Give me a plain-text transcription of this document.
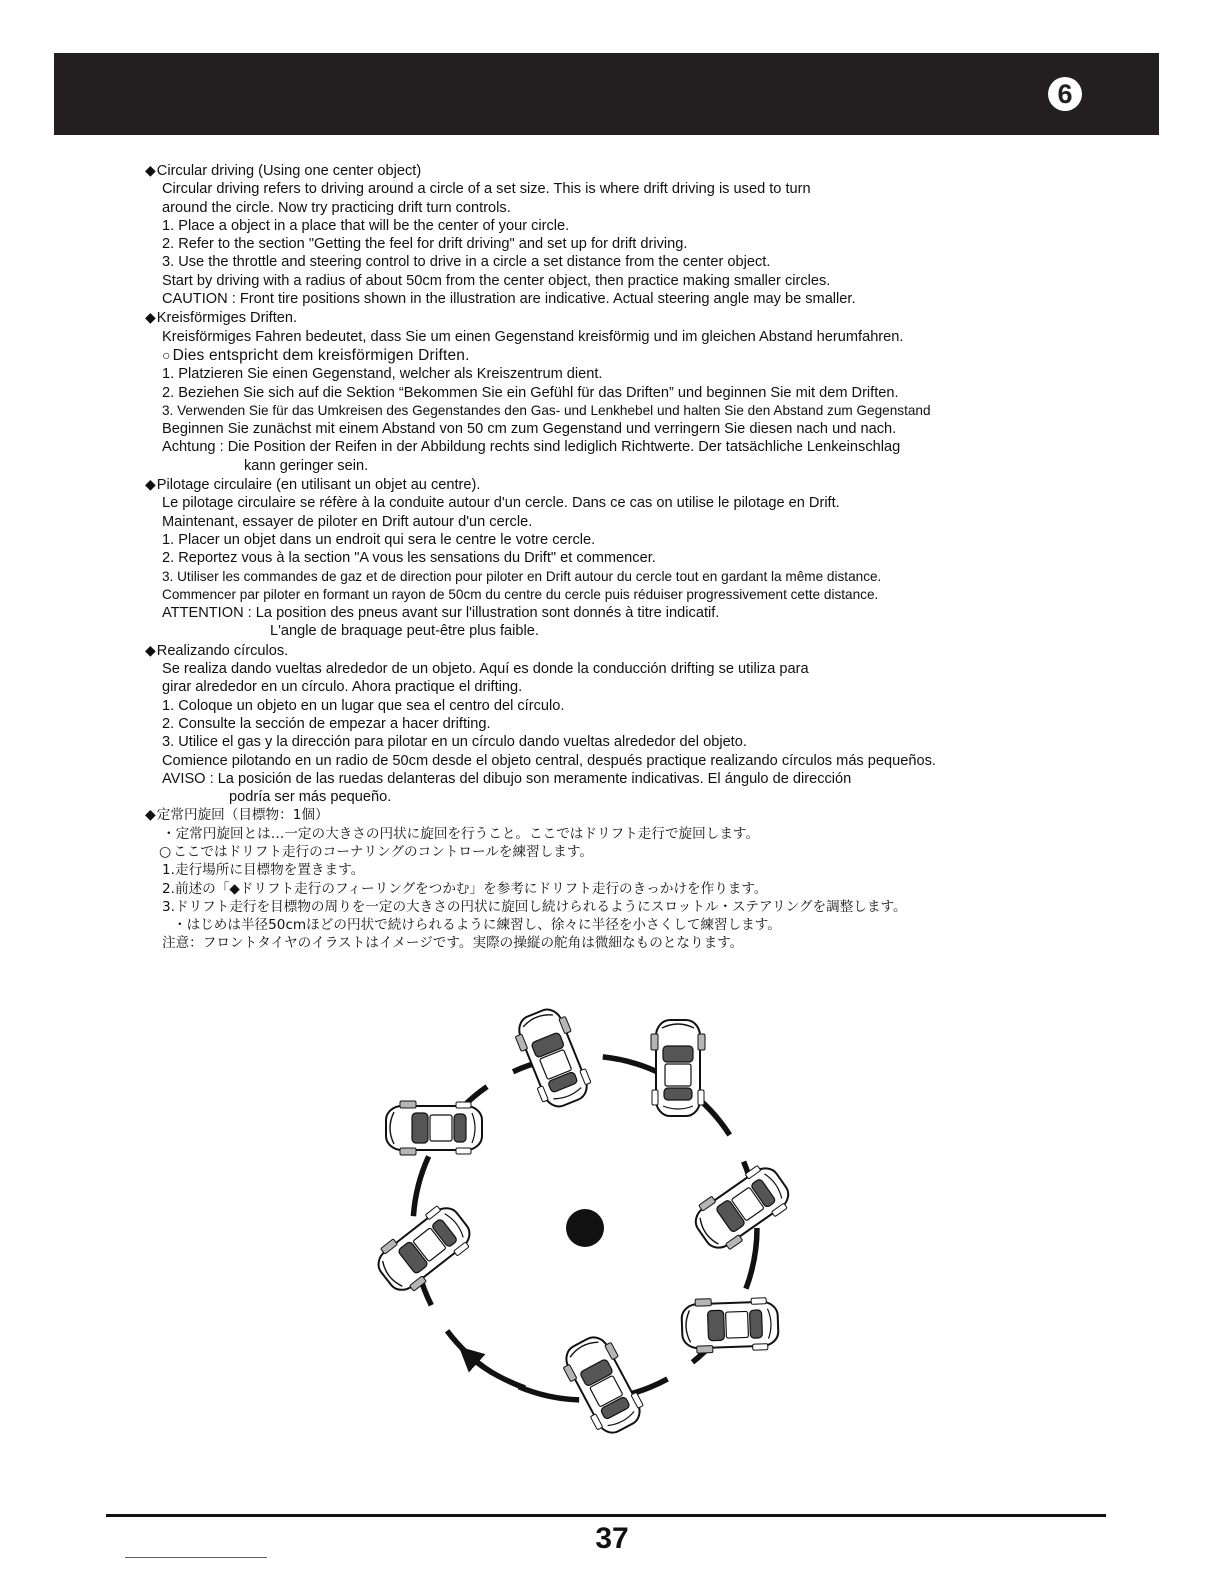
6
◆Circular driving (Using one center object)
Circular driving refers to driving around a circle of a set size. This is where drift driving is used to turn
around the circle. Now try practicing drift turn controls.
1. Place a object in a place that will be the center of your circle.
2. Refer to the section "Getting the feel for drift driving" and set up for drift driving.
3. Use the throttle and steering control to drive in a circle a set distance from the center object.
Start by driving with a radius of about 50cm from the center object, then practice making smaller circles.
CAUTION : Front tire positions shown in the illustration are indicative. Actual steering angle may be smaller.
◆Kreisförmiges Driften.
Kreisförmiges Fahren bedeutet, dass Sie um einen Gegenstand kreisförmig und im gleichen Abstand herumfahren.
○ Dies entspricht dem kreisförmigen Driften.
1. Platzieren Sie einen Gegenstand, welcher als Kreiszentrum dient.
2. Beziehen Sie sich auf die Sektion “Bekommen Sie ein Gefühl für das Driften” und beginnen Sie mit dem Driften.
3. Verwenden Sie für das Umkreisen des Gegenstandes den Gas- und Lenkhebel und halten Sie den Abstand zum Gegenstand
Beginnen Sie zunächst mit einem Abstand von 50 cm zum Gegenstand und verringern Sie diesen nach und nach.
Achtung : Die Position der Reifen in der Abbildung rechts sind lediglich Richtwerte. Der tatsächliche Lenkeinschlag
kann geringer sein.
◆Pilotage circulaire (en utilisant un objet au centre).
Le pilotage circulaire se réfère à la conduite autour d'un cercle. Dans ce cas on utilise le pilotage en Drift.
Maintenant, essayer de piloter en Drift autour d'un cercle.
1. Placer un objet dans un endroit qui sera le centre le votre cercle.
2. Reportez vous à la section "A vous les sensations du Drift" et commencer.
3. Utiliser les commandes de gaz et de direction pour piloter en Drift autour du cercle tout en gardant la même distance.
Commencer par piloter en formant un rayon de 50cm du centre du cercle puis réduiser progressivement cette distance.
ATTENTION : La position des pneus avant sur l'illustration sont donnés à titre indicatif.
L'angle de braquage peut-être plus faible.
◆Realizando círculos.
Se realiza dando vueltas alrededor de un objeto. Aquí es donde la conducción drifting se utiliza para
girar alrededor en un círculo. Ahora practique el drifting.
1. Coloque un objeto en un lugar que sea el centro del círculo.
2. Consulte la sección de empezar a hacer drifting.
3. Utilice el gas y la dirección para pilotar en un círculo dando vueltas alrededor del objeto.
Comience pilotando en un radio de 50cm desde el objeto central, después practique realizando círculos más pequeños.
AVISO : La posición de las ruedas delanteras del dibujo son meramente indicativas. El ángulo de dirección
podría ser más pequeño.
◆定常円旋回（目標物：1個）
・定常円旋回とは…一定の大きさの円状に旋回を行うこと。ここではドリフト走行で旋回します。
○ ここではドリフト走行のコーナリングのコントロールを練習します。
1.走行場所に目標物を置きます。
2.前述の「◆ドリフト走行のフィーリングをつかむ」を参考にドリフト走行のきっかけを作ります。
3.ドリフト走行を目標物の周りを一定の大きさの円状に旋回し続けられるようにスロットル・ステアリングを調整します。
・はじめは半径50cmほどの円状で続けられるように練習し、徐々に半径を小さくして練習します。
注意：フロントタイヤのイラストはイメージです。実際の操縦の舵角は微細なものとなります。
37
